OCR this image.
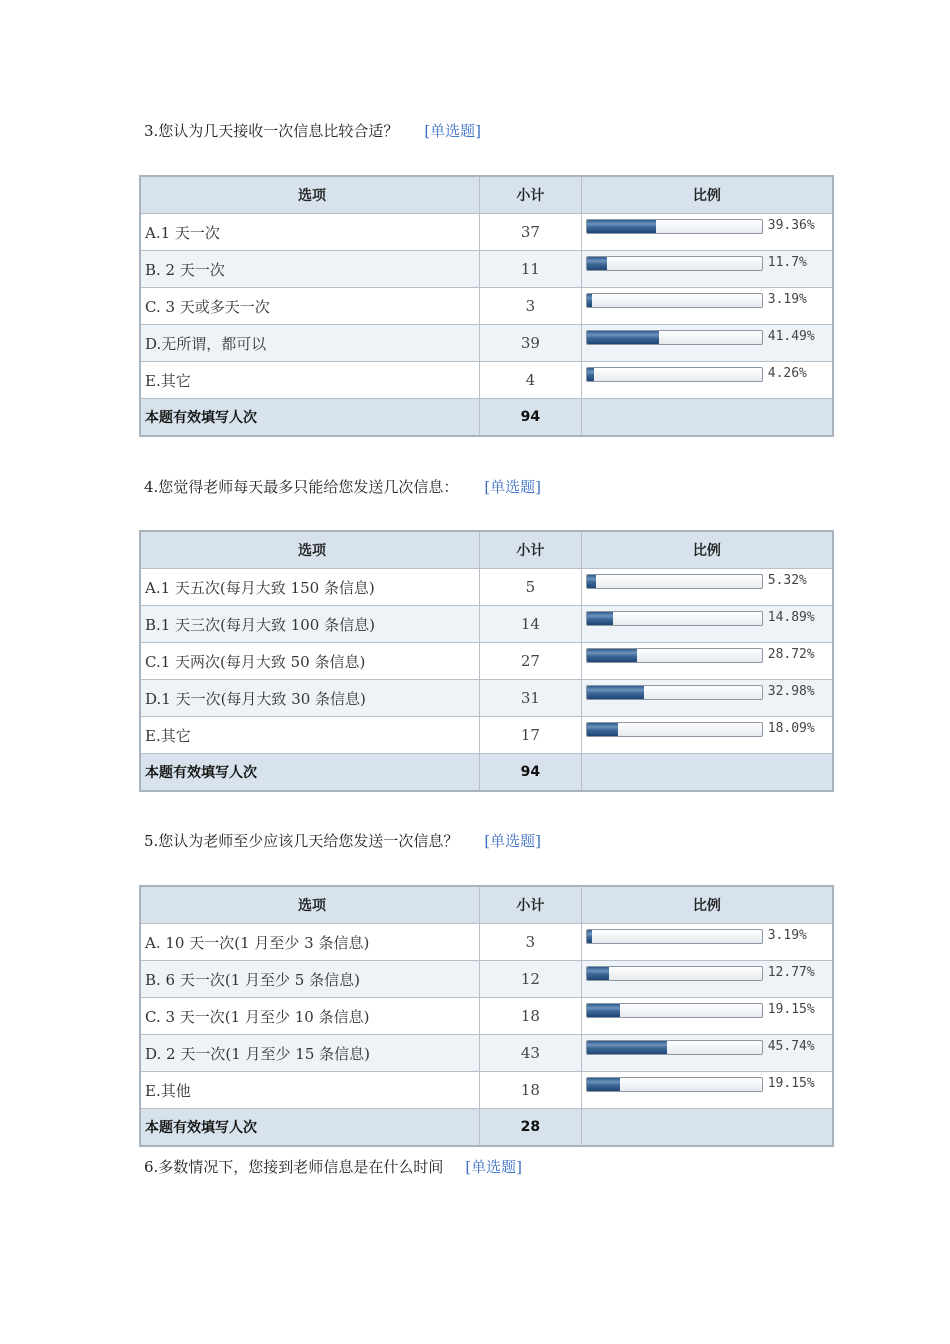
3.您认为几天接收一次信息比较合适？ [单选题]
选项	小计	比例
A.1 天一次	37	39.36%

B. 2 天一次	11	11.7%

C. 3 天或多天一次	3	3.19%

D.无所谓，都可以	39	41.49%

E.其它	4	4.26%

本题有效填写人次	94	
4.您觉得老师每天最多只能给您发送几次信息： [单选题]
选项	小计	比例
A.1 天五次(每月大致 150 条信息)	5	5.32%

B.1 天三次(每月大致 100 条信息)	14	14.89%

C.1 天两次(每月大致 50 条信息)	27	28.72%

D.1 天一次(每月大致 30 条信息)	31	32.98%

E.其它	17	18.09%

本题有效填写人次	94	
5.您认为老师至少应该几天给您发送一次信息？ [单选题]
选项	小计	比例
A. 10 天一次(1 月至少 3 条信息)	3	3.19%

B. 6 天一次(1 月至少 5 条信息)	12	12.77%

C. 3 天一次(1 月至少 10 条信息)	18	19.15%

D. 2 天一次(1 月至少 15 条信息)	43	45.74%

E.其他	18	19.15%

本题有效填写人次	28	
6.多数情况下，您接到老师信息是在什么时间 [单选题]
